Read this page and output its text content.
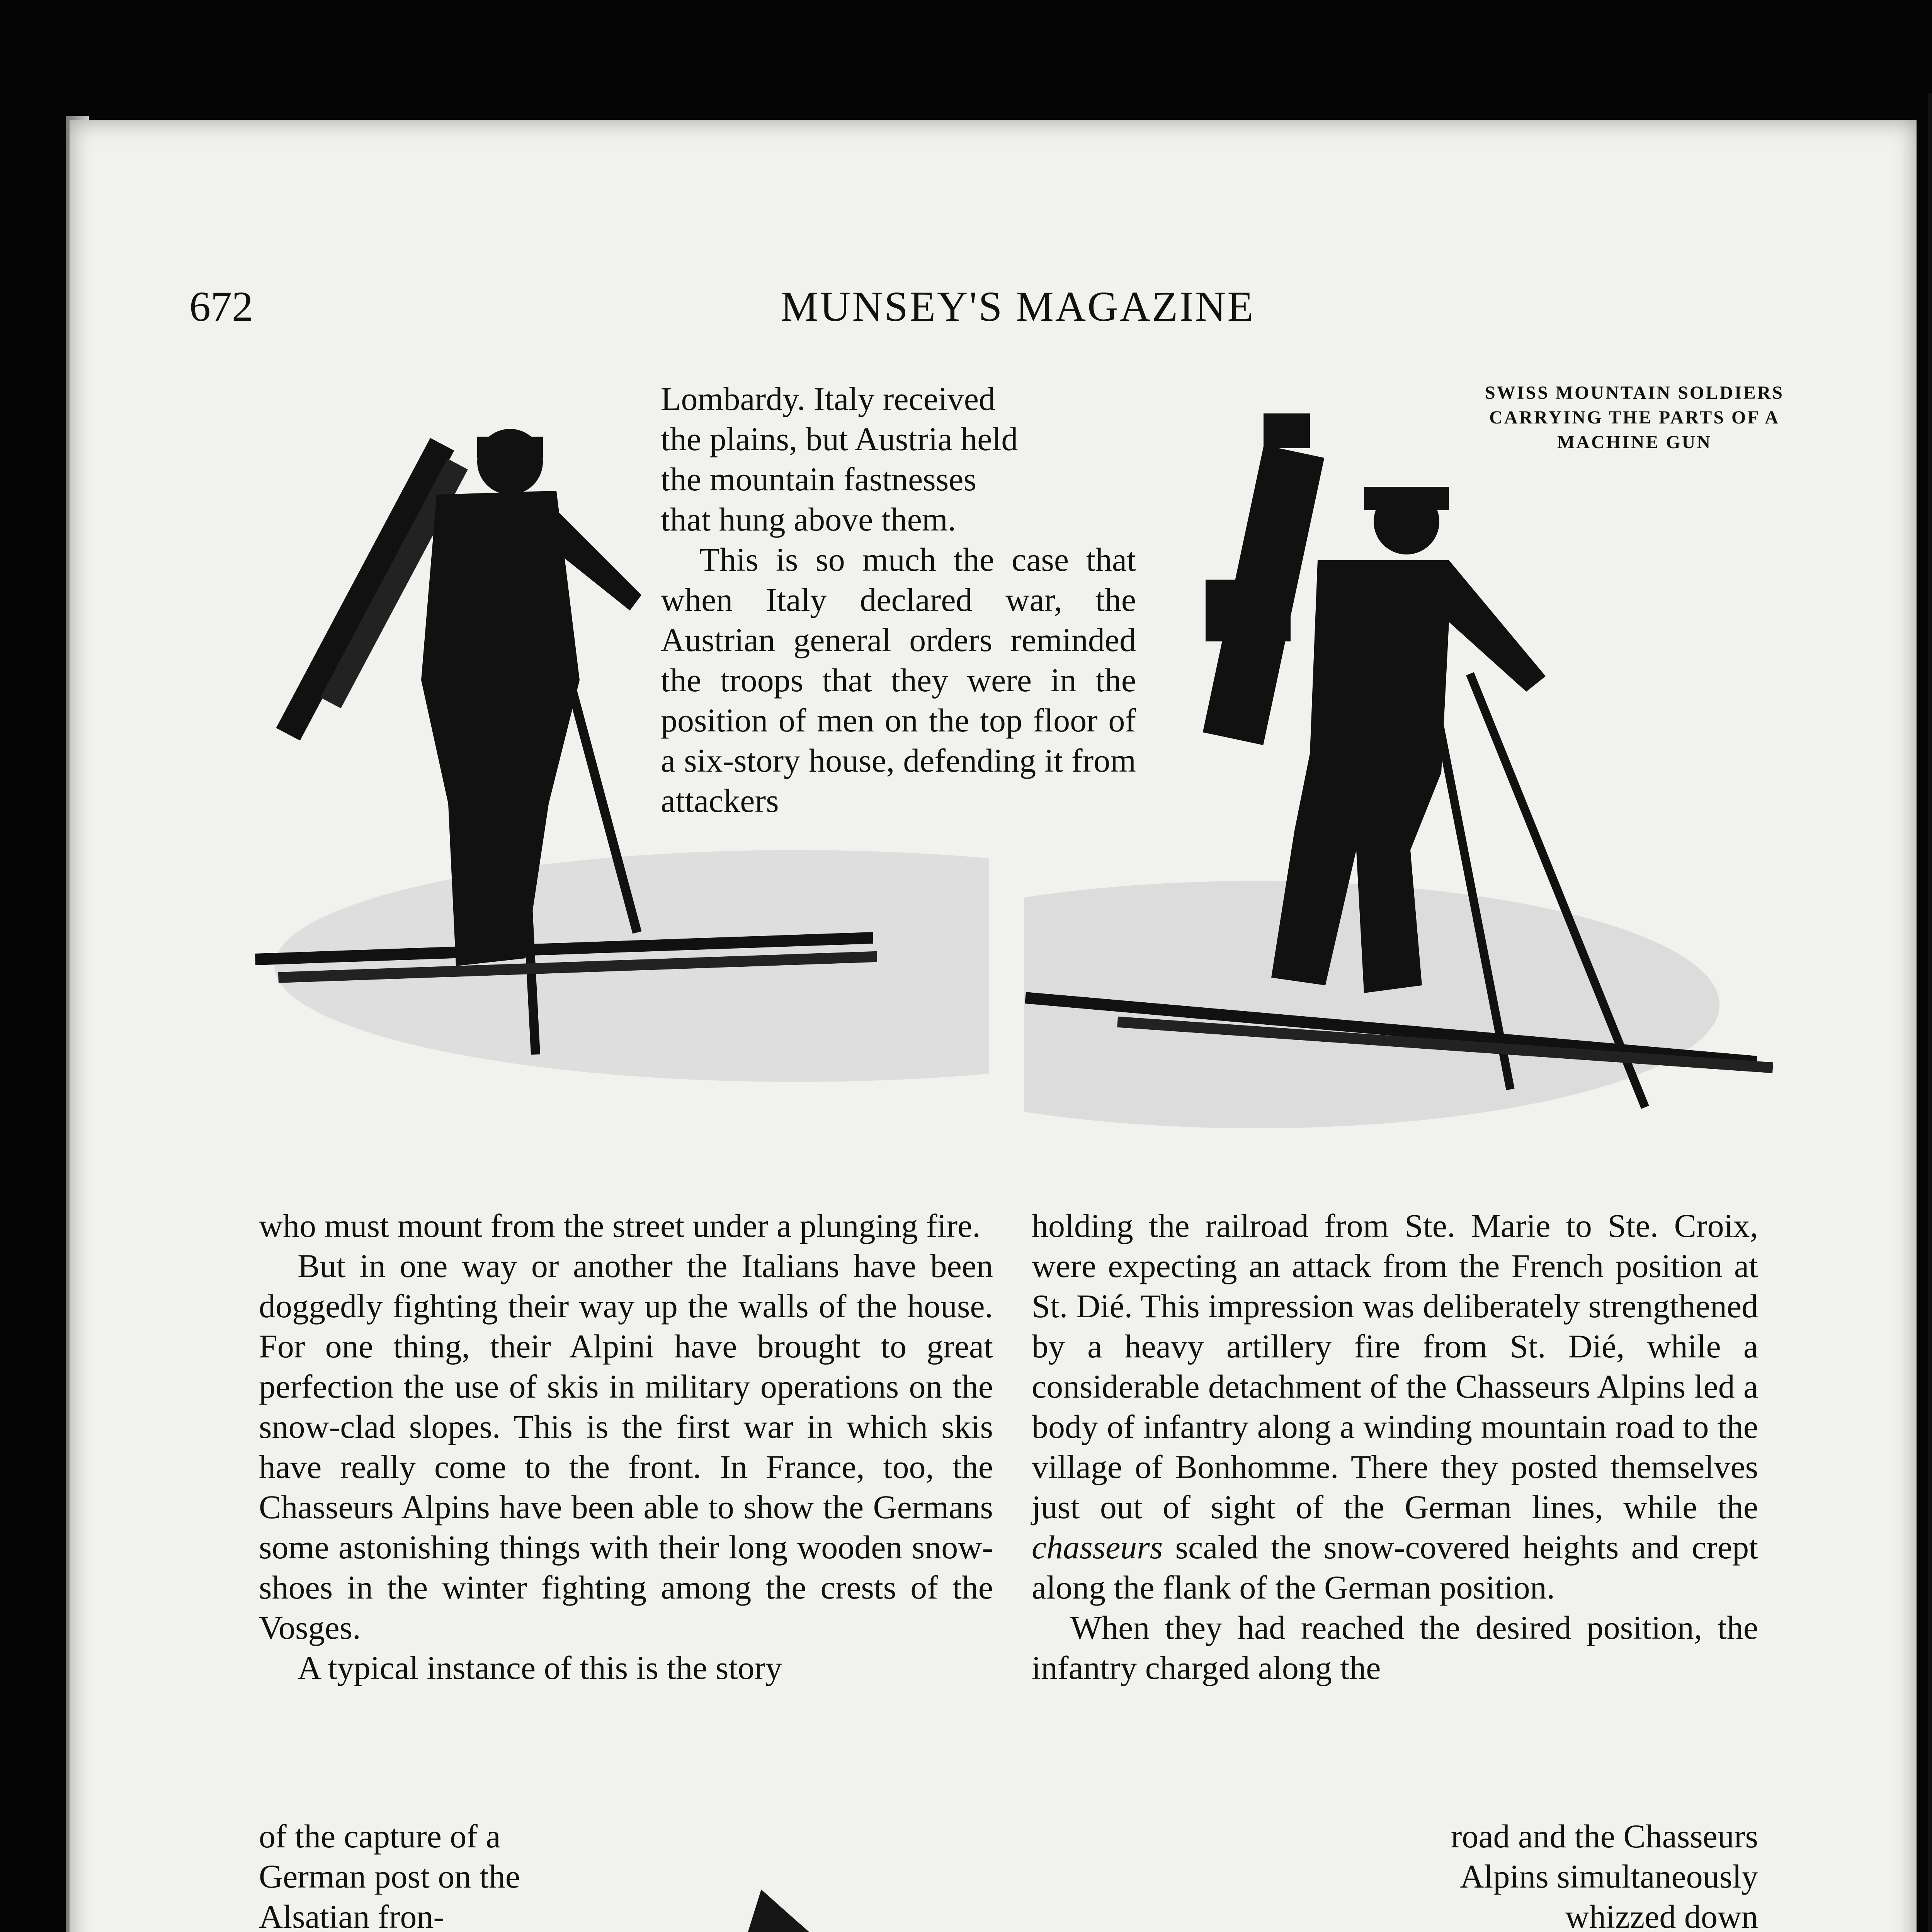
672	MUNSEY'S MAGAZINE

Lombardy. Italy received

the plains, but Austria held

the mountain fastnesses

that hung above them.

This is so much the case that when Italy declared war, the Austrian general orders reminded the troops that they were in the position of men on the top floor of a six-story house, defending it from attackers

SWISS MOUNTAIN SOLDIERS CARRYING THE PARTS OF A MACHINE GUN

who must mount from the street under a plunging fire.

But in one way or another the Italians have been doggedly fighting their way up the walls of the house. For one thing, their Alpini have brought to great perfection the use of skis in military operations on the snow-clad slopes. This is the first war in which skis have really come to the front. In France, too, the Chasseurs Alpins have been able to show the Germans some astonishing things with their long wooden snow-shoes in the winter fighting among the crests of the Vosges.

A typical instance of this is the story

of the capture of a

German post on the

Alsatian fron-

holding the railroad from Ste. Marie to Ste. Croix, were expecting an attack from the French position at St. Dié. This impression was deliberately strengthened by a heavy artillery fire from St. Dié, while a considerable detachment of the Chasseurs Alpins led a body of infantry along a winding mountain road to the village of Bonhomme. There they posted themselves just out of sight of the German lines, while the chasseurs scaled the snow-covered heights and crept along the flank of the German position.

When they had reached the desired position, the infantry charged along the

road and the Chasseurs

Alpins simultaneously

whizzed down
